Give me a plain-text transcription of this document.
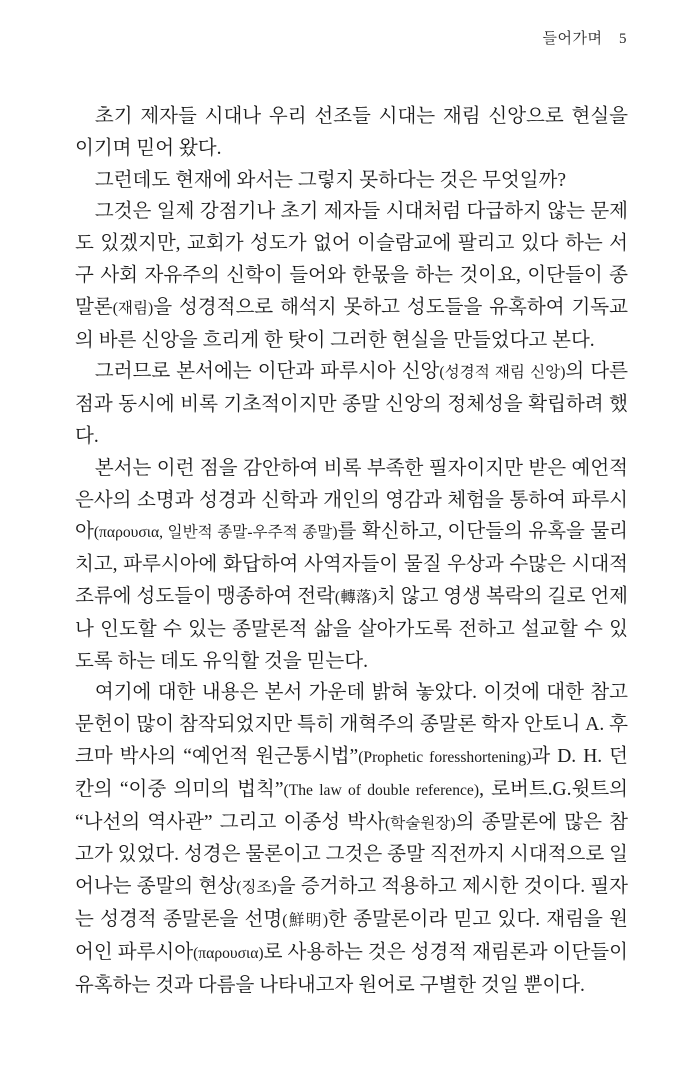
들어가며 5

초기 제자들 시대나 우리 선조들 시대는 재림 신앙으로 현실을 이기며 믿어 왔다.

그런데도 현재에 와서는 그렇지 못하다는 것은 무엇일까?

그것은 일제 강점기나 초기 제자들 시대처럼 다급하지 않는 문제도 있겠지만, 교회가 성도가 없어 이슬람교에 팔리고 있다 하는 서구 사회 자유주의 신학이 들어와 한몫을 하는 것이요, 이단들이 종말론(재림)을 성경적으로 해석지 못하고 성도들을 유혹하여 기독교의 바른 신앙을 흐리게 한 탓이 그러한 현실을 만들었다고 본다.

그러므로 본서에는 이단과 파루시아 신앙(성경적 재림 신앙)의 다른 점과 동시에 비록 기초적이지만 종말 신앙의 정체성을 확립하려 했다.

본서는 이런 점을 감안하여 비록 부족한 필자이지만 받은 예언적 은사의 소명과 성경과 신학과 개인의 영감과 체험을 통하여 파루시아(παρουσια, 일반적 종말-우주적 종말)를 확신하고, 이단들의 유혹을 물리치고, 파루시아에 화답하여 사역자들이 물질 우상과 수많은 시대적 조류에 성도들이 맹종하여 전락(轉落)치 않고 영생 복락의 길로 언제나 인도할 수 있는 종말론적 삶을 살아가도록 전하고 설교할 수 있도록 하는 데도 유익할 것을 믿는다.

여기에 대한 내용은 본서 가운데 밝혀 놓았다. 이것에 대한 참고 문헌이 많이 참작되었지만 특히 개혁주의 종말론 학자 안토니 A. 후크마 박사의 “예언적 원근통시법”(Prophetic foresshortening)과 D. H. 던칸의 “이중 의미의 법칙”(The law of double reference), 로버트.G.윗트의 “나선의 역사관” 그리고 이종성 박사(학술원장)의 종말론에 많은 참고가 있었다. 성경은 물론이고 그것은 종말 직전까지 시대적으로 일어나는 종말의 현상(징조)을 증거하고 적용하고 제시한 것이다. 필자는 성경적 종말론을 선명(鮮明)한 종말론이라 믿고 있다. 재림을 원어인 파루시아(παρουσια)로 사용하는 것은 성경적 재림론과 이단들이 유혹하는 것과 다름을 나타내고자 원어로 구별한 것일 뿐이다.
